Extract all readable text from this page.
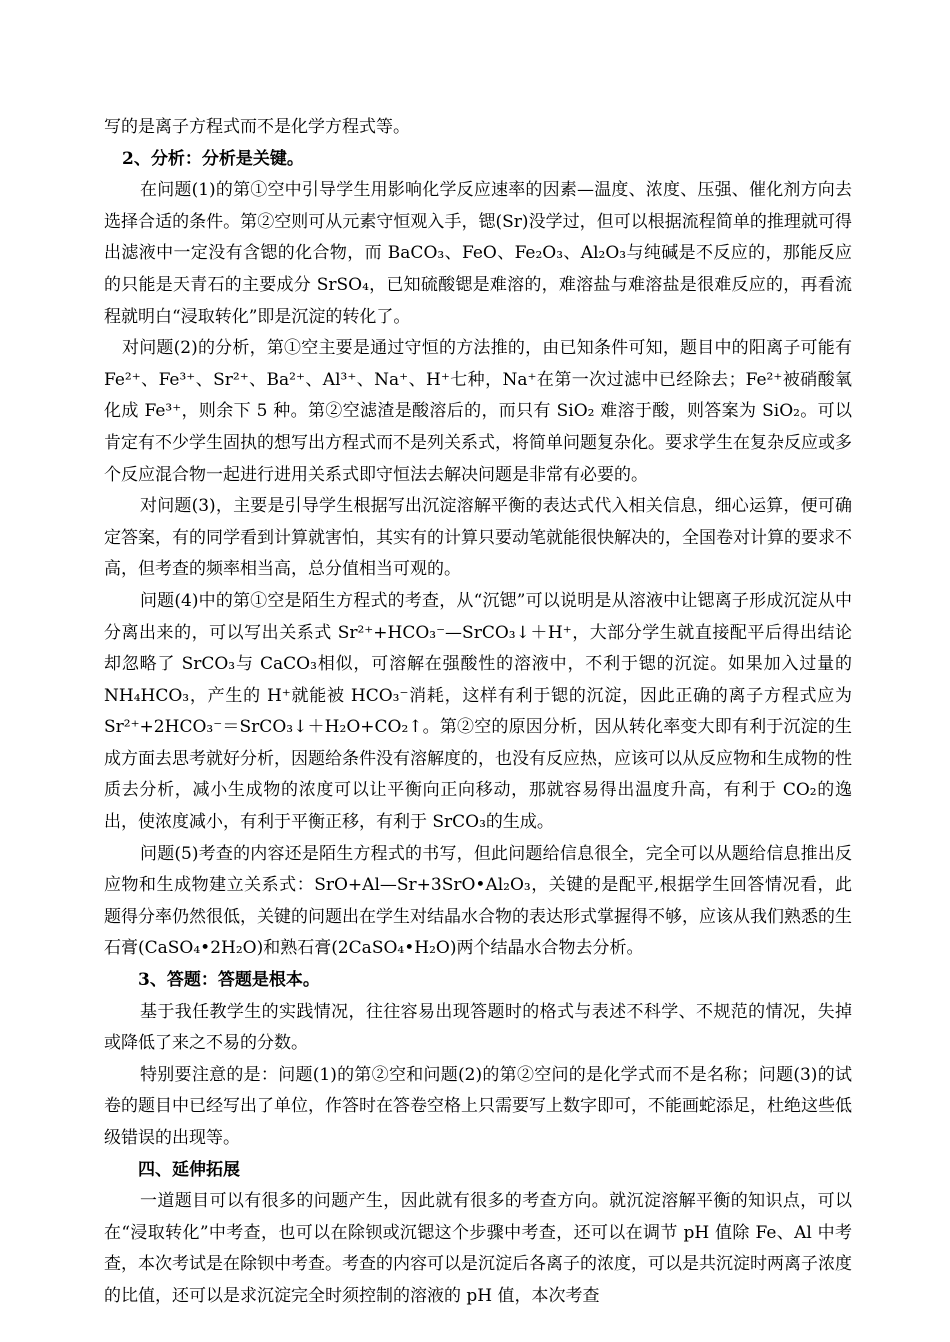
写的是离子方程式而不是化学方程式等。

2、分析：分析是关键。

在问题(1)的第①空中引导学生用影响化学反应速率的因素—温度、浓度、压强、催化剂方向去选择合适的条件。第②空则可从元素守恒观入手，锶(Sr)没学过，但可以根据流程简单的推理就可得出滤液中一定没有含锶的化合物，而 BaCO₃、FeO、Fe₂O₃、Al₂O₃与纯碱是不反应的，那能反应的只能是天青石的主要成分 SrSO₄，已知硫酸锶是难溶的，难溶盐与难溶盐是很难反应的，再看流程就明白“浸取转化”即是沉淀的转化了。

对问题(2)的分析，第①空主要是通过守恒的方法推的，由已知条件可知，题目中的阳离子可能有 Fe²⁺、Fe³⁺、Sr²⁺、Ba²⁺、Al³⁺、Na⁺、H⁺七种，Na⁺在第一次过滤中已经除去；Fe²⁺被硝酸氧化成 Fe³⁺，则余下 5 种。第②空滤渣是酸溶后的，而只有 SiO₂ 难溶于酸，则答案为 SiO₂。可以肯定有不少学生固执的想写出方程式而不是列关系式，将简单问题复杂化。要求学生在复杂反应或多个反应混合物一起进行进用关系式即守恒法去解决问题是非常有必要的。

对问题(3)，主要是引导学生根据写出沉淀溶解平衡的表达式代入相关信息，细心运算，便可确定答案，有的同学看到计算就害怕，其实有的计算只要动笔就能很快解决的，全国卷对计算的要求不高，但考查的频率相当高，总分值相当可观的。

问题(4)中的第①空是陌生方程式的考查，从“沉锶”可以说明是从溶液中让锶离子形成沉淀从中分离出来的，可以写出关系式 Sr²⁺+HCO₃⁻—SrCO₃↓＋H⁺，大部分学生就直接配平后得出结论却忽略了 SrCO₃与 CaCO₃相似，可溶解在强酸性的溶液中，不利于锶的沉淀。如果加入过量的 NH₄HCO₃，产生的 H⁺就能被 HCO₃⁻消耗，这样有利于锶的沉淀，因此正确的离子方程式应为 Sr²⁺+2HCO₃⁻＝SrCO₃↓＋H₂O+CO₂↑。第②空的原因分析，因从转化率变大即有利于沉淀的生成方面去思考就好分析，因题给条件没有溶解度的，也没有反应热，应该可以从反应物和生成物的性质去分析，减小生成物的浓度可以让平衡向正向移动，那就容易得出温度升高，有利于 CO₂的逸出，使浓度减小，有利于平衡正移，有利于 SrCO₃的生成。

问题(5)考查的内容还是陌生方程式的书写，但此问题给信息很全，完全可以从题给信息推出反应物和生成物建立关系式：SrO+Al—Sr+3SrO•Al₂O₃，关键的是配平,根据学生回答情况看，此题得分率仍然很低，关键的问题出在学生对结晶水合物的表达形式掌握得不够，应该从我们熟悉的生石膏(CaSO₄•2H₂O)和熟石膏(2CaSO₄•H₂O)两个结晶水合物去分析。

3、答题：答题是根本。

基于我任教学生的实践情况，往往容易出现答题时的格式与表述不科学、不规范的情况，失掉或降低了来之不易的分数。

特别要注意的是：问题(1)的第②空和问题(2)的第②空问的是化学式而不是名称；问题(3)的试卷的题目中已经写出了单位，作答时在答卷空格上只需要写上数字即可，不能画蛇添足，杜绝这些低级错误的出现等。

四、延伸拓展

一道题目可以有很多的问题产生，因此就有很多的考查方向。就沉淀溶解平衡的知识点，可以在“浸取转化”中考查，也可以在除钡或沉锶这个步骤中考查，还可以在调节 pH 值除 Fe、Al 中考查，本次考试是在除钡中考查。考查的内容可以是沉淀后各离子的浓度，可以是共沉淀时两离子浓度的比值，还可以是求沉淀完全时须控制的溶液的 pH 值，本次考查
